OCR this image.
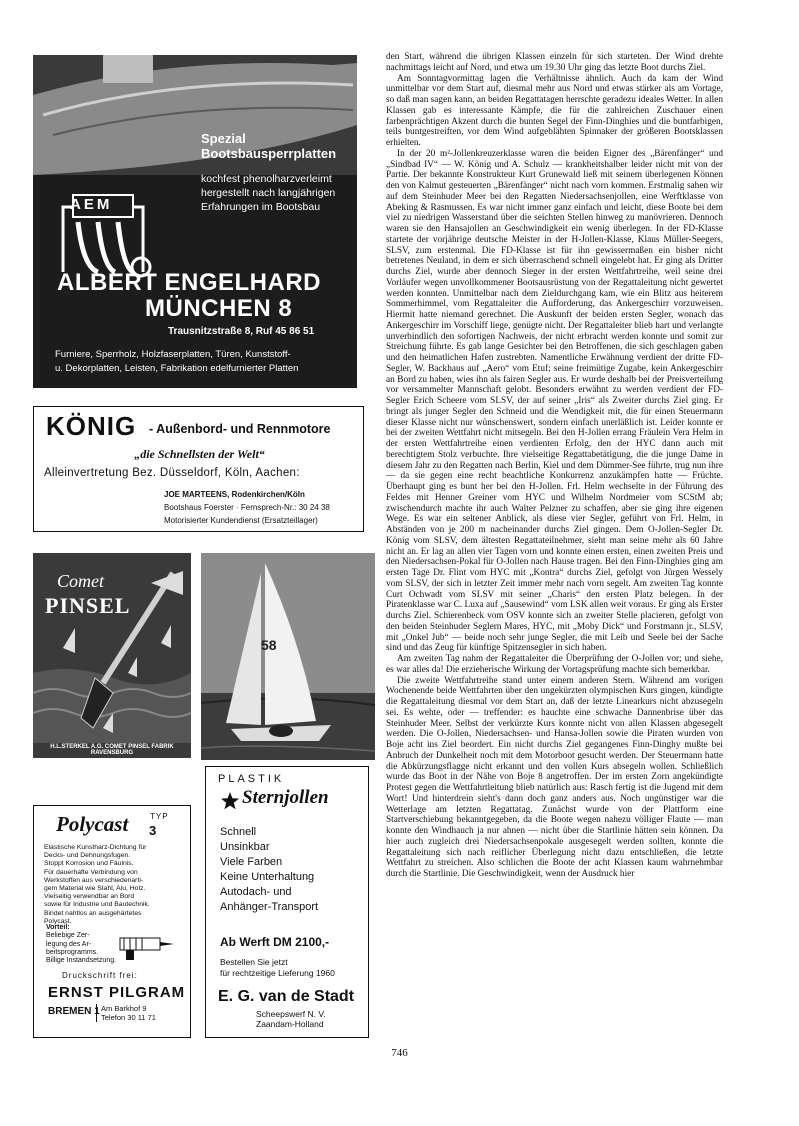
Spezial
Bootsbausperrplatten
kochfest phenolharzverleimt
hergestellt nach langjährigen
Erfahrungen im Bootsbau
AEM
ALBERT ENGELHARD
MÜNCHEN 8
Trausnitzstraße 8, Ruf 45 86 51
Furniere, Sperrholz, Holzfaserplatten, Türen, Kunststoff-
u. Dekorplatten, Leisten, Fabrikation edelfurnierter Platten
KÖNIG - Außenbord- und Rennmotore
„die Schnellsten der Welt“
Alleinvertretung Bez. Düsseldorf, Köln, Aachen:
JOE MARTEENS, Rodenkirchen/Köln
Bootshaus Foerster · Fernsprech-Nr.: 30 24 38
Motorisierter Kundendienst (Ersatzteillager)
Comet
PINSEL
H.L.STERKEL A.G. COMET PINSEL FABRIK RAVENSBURG
58
Polycast	TYP
3
Elastische Kunstharz-Dichtung für
Decks- und Dehnungsfugen.
Stoppt Korrosion und Fäulnis.
Für dauerhafte Verbindung von
Werkstoffen aus verschiedenarti-
gem Material wie Stahl, Alu, Holz.
Vielseitig verwendbar an Bord
sowie für Industrie und Bautechnik.
Bindet nahtlos an ausgehärtetes
Polycast.
Vorteil:
Beliebige Zer-
legung des Ar-
beitsprogramms.
Billige Instandsetzung.
Druckschrift frei:
ERNST PILGRAM
BREMEN 1 Am Barkhof 9
Telefon 30 11 71
PLASTIK
Sternjollen
Schnell
Unsinkbar
Viele Farben
Keine Unterhaltung
Autodach- und
Anhänger-Transport
Ab Werft DM 2100,-
Bestellen Sie jetzt
für rechtzeitige Lieferung 1960
E. G. van de Stadt
Scheepswerf N. V.
Zaandam-Holland

den Start, während die übrigen Klassen einzeln für sich starteten. Der Wind drehte nachmittags leicht auf Nord, und etwa um 19.30 Uhr ging das letzte Boot durchs Ziel.

Am Sonntagvormittag lagen die Verhältnisse ähnlich. Auch da kam der Wind unmittelbar vor dem Start auf, diesmal mehr aus Nord und etwas stärker als am Vortage, so daß man sagen kann, an beiden Regattatagen herrschte geradezu ideales Wetter. In allen Klassen gab es interessante Kämpfe, die für die zahlreichen Zuschauer einen farbenprächtigen Akzent durch die bunten Segel der Finn-Dinghies und die buntfarbigen, teils buntgestreiften, vor dem Wind aufgeblähten Spinnaker der größeren Bootsklassen erhielten.

In der 20 m²-Jollenkreuzerklasse waren die beiden Eigner des „Bärenfänger“ und „Sindbad IV“ — W. König und A. Schulz — krankheitshalber leider nicht mit von der Partie. Der bekannte Konstrukteur Kurt Grunewald ließ mit seinem überlegenen Können den von Kalmut gesteuerten „Bärenfänger“ nicht nach vorn kommen. Erstmalig sahen wir auf dem Steinhuder Meer bei den Regatten Niedersachsenjollen, eine Werftklasse von Abeking & Rasmussen. Es war nicht immer ganz einfach und leicht, diese Boote bei dem viel zu niedrigen Wasserstand über die seichten Stellen hinweg zu manövrieren. Dennoch waren sie den Hansajollen an Geschwindigkeit ein wenig überlegen. In der FD-Klasse startete der vorjährige deutsche Meister in der H-Jollen-Klasse, Klaus Müller-Seegers, SLSV, zum erstenmal. Die FD-Klasse ist für ihn gewissermaßen ein bisher nicht betretenes Neuland, in dem er sich überraschend schnell eingelebt hat. Er ging als Dritter durchs Ziel, wurde aber dennoch Sieger in der ersten Wettfahrtreihe, weil seine drei Vorläufer wegen unvollkommener Bootsausrüstung von der Regattaleitung nicht gewertet werden konnten. Unmittelbar nach dem Zieldurchgang kam, wie ein Blitz aus heiterem Sommerhimmel, vom Regattaleiter die Aufforderung, das Ankergeschirr vorzuweisen. Hiermit hatte niemand gerechnet. Die Auskunft der beiden ersten Segler, wonach das Ankergeschirr im Vorschiff liege, genügte nicht. Der Regattaleiter blieb hart und verlangte unverbindlich den sofortigen Nachweis, der nicht erbracht werden konnte und somit zur Streichung führte. Es gab lange Gesichter bei den Betroffenen, die sich geschlagen gaben und den heimatlichen Hafen zustrebten. Namentliche Erwähnung verdient der dritte FD-Segler, W. Backhaus auf „Aero“ vom Etuf; seine freimütige Zugabe, kein Ankergeschirr an Bord zu haben, wies ihn als fairen Segler aus. Er wurde deshalb bei der Preisverteilung vor versammelter Mannschaft gelobt. Besonders erwähnt zu werden verdient der FD-Segler Erich Scheere vom SLSV, der auf seiner „Iris“ als Zweiter durchs Ziel ging. Er bringt als junger Segler den Schneid und die Wendigkeit mit, die für einen Steuermann dieser Klasse nicht nur wünschenswert, sondern einfach unerläßlich ist. Leider konnte er bei der zweiten Wettfahrt nicht mitsegeln. Bei den H-Jollen errang Fräulein Vera Helm in der ersten Wettfahrtreihe einen verdienten Erfolg, den der HYC dann auch mit berechtigtem Stolz verbuchte. Ihre vielseitige Regattabetätigung, die die junge Dame in diesem Jahr zu den Regatten nach Berlin, Kiel und dem Dümmer-See führte, trug nun ihre — da sie gegen eine recht beachtliche Konkurrenz anzukämpfen hatte — Früchte. Überhaupt ging es bunt her bei den H-Jollen. Frl. Helm wechselte in der Führung des Feldes mit Henner Greiner vom HYC und Wilhelm Nordmeier vom SCStM ab; zwischendurch machte ihr auch Walter Pelzner zu schaffen, aber sie ging ihre eigenen Wege. Es war ein seltener Anblick, als diese vier Segler, geführt von Frl. Helm, in Abständen von je 200 m nacheinander durchs Ziel gingen. Dem O-Jollen-Segler Dr. König vom SLSV, dem ältesten Regattateilnehmer, sieht man seine mehr als 60 Jahre nicht an. Er lag an allen vier Tagen vorn und konnte einen ersten, einen zweiten Preis und den Niedersachsen-Pokal für O-Jollen nach Hause tragen. Bei den Finn-Dinghies ging am ersten Tage Dr. Flint vom HYC mit „Kontra“ durchs Ziel, gefolgt von Jürgen Wessely vom SLSV, der sich in letzter Zeit immer mehr nach vorn segelt. Am zweiten Tag konnte Curt Ochwadt vom SLSV mit seiner „Charis“ den ersten Platz belegen. In der Piratenklasse war C. Luxa auf „Sausewind“ vom LSK allen weit voraus. Er ging als Erster durchs Ziel. Schierenbeck vom OSV konnte sich an zweiter Stelle placieren, gefolgt von den beiden Steinhuder Seglern Mares, HYC, mit „Moby Dick“ und Forstmann jr., SLSV, mit „Onkel Jub“ — beide noch sehr junge Segler, die mit Leib und Seele bei der Sache sind und das Zeug für künftige Spitzensegler in sich haben.

Am zweiten Tag nahm der Regattaleiter die Überprüfung der O-Jollen vor; und siehe, es war alles da! Die erzieherische Wirkung der Vortagsprüfung machte sich bemerkbar.

Die zweite Wettfahrtreihe stand unter einem anderen Stern. Während am vorigen Wochenende beide Wettfahrten über den ungekürzten olympischen Kurs gingen, kündigte die Regattaleitung diesmal vor dem Start an, daß der letzte Linearkurs nicht abzusegeln sei. Es wehte, oder — treffender: es hauchte eine schwache Dannenbrise über das Steinhuder Meer. Selbst der verkürzte Kurs konnte nicht von allen Klassen abgesegelt werden. Die O-Jollen, Niedersachsen- und Hansa-Jollen sowie die Piraten wurden von Boje acht ins Ziel beordert. Ein nicht durchs Ziel gegangenes Finn-Dinghy mußte bei Anbruch der Dunkelheit noch mit dem Motorboot gesucht werden. Der Steuermann hatte die Abkürzungsflagge nicht erkannt und den vollen Kurs absegeln wollen. Schließlich wurde das Boot in der Nähe von Boje 8 angetroffen. Der im ersten Zorn angekündigte Protest gegen die Wettfahrtleitung blieb natürlich aus: Rasch fertig ist die Jugend mit dem Wort! Und hinterdrein sieht's dann doch ganz anders aus. Noch ungünstiger war die Wetterlage am letzten Regattatag. Zunächst wurde von der Plattform eine Startverschiebung bekanntgegeben, da die Boote wegen nahezu völliger Flaute — man konnte den Windhauch ja nur ahnen — nicht über die Startlinie hätten sein können. Da hier auch zugleich drei Niedersachsenpokale ausgesegelt werden sollten, konnte die Regattaleitung sich nach reiflicher Überlegung nicht dazu entschließen, die letzte Wettfahrt zu streichen. Also schlichen die Boote der acht Klassen kaum wahrnehmbar durch die Startlinie. Die Geschwindigkeit, wenn der Ausdruck hier

746
